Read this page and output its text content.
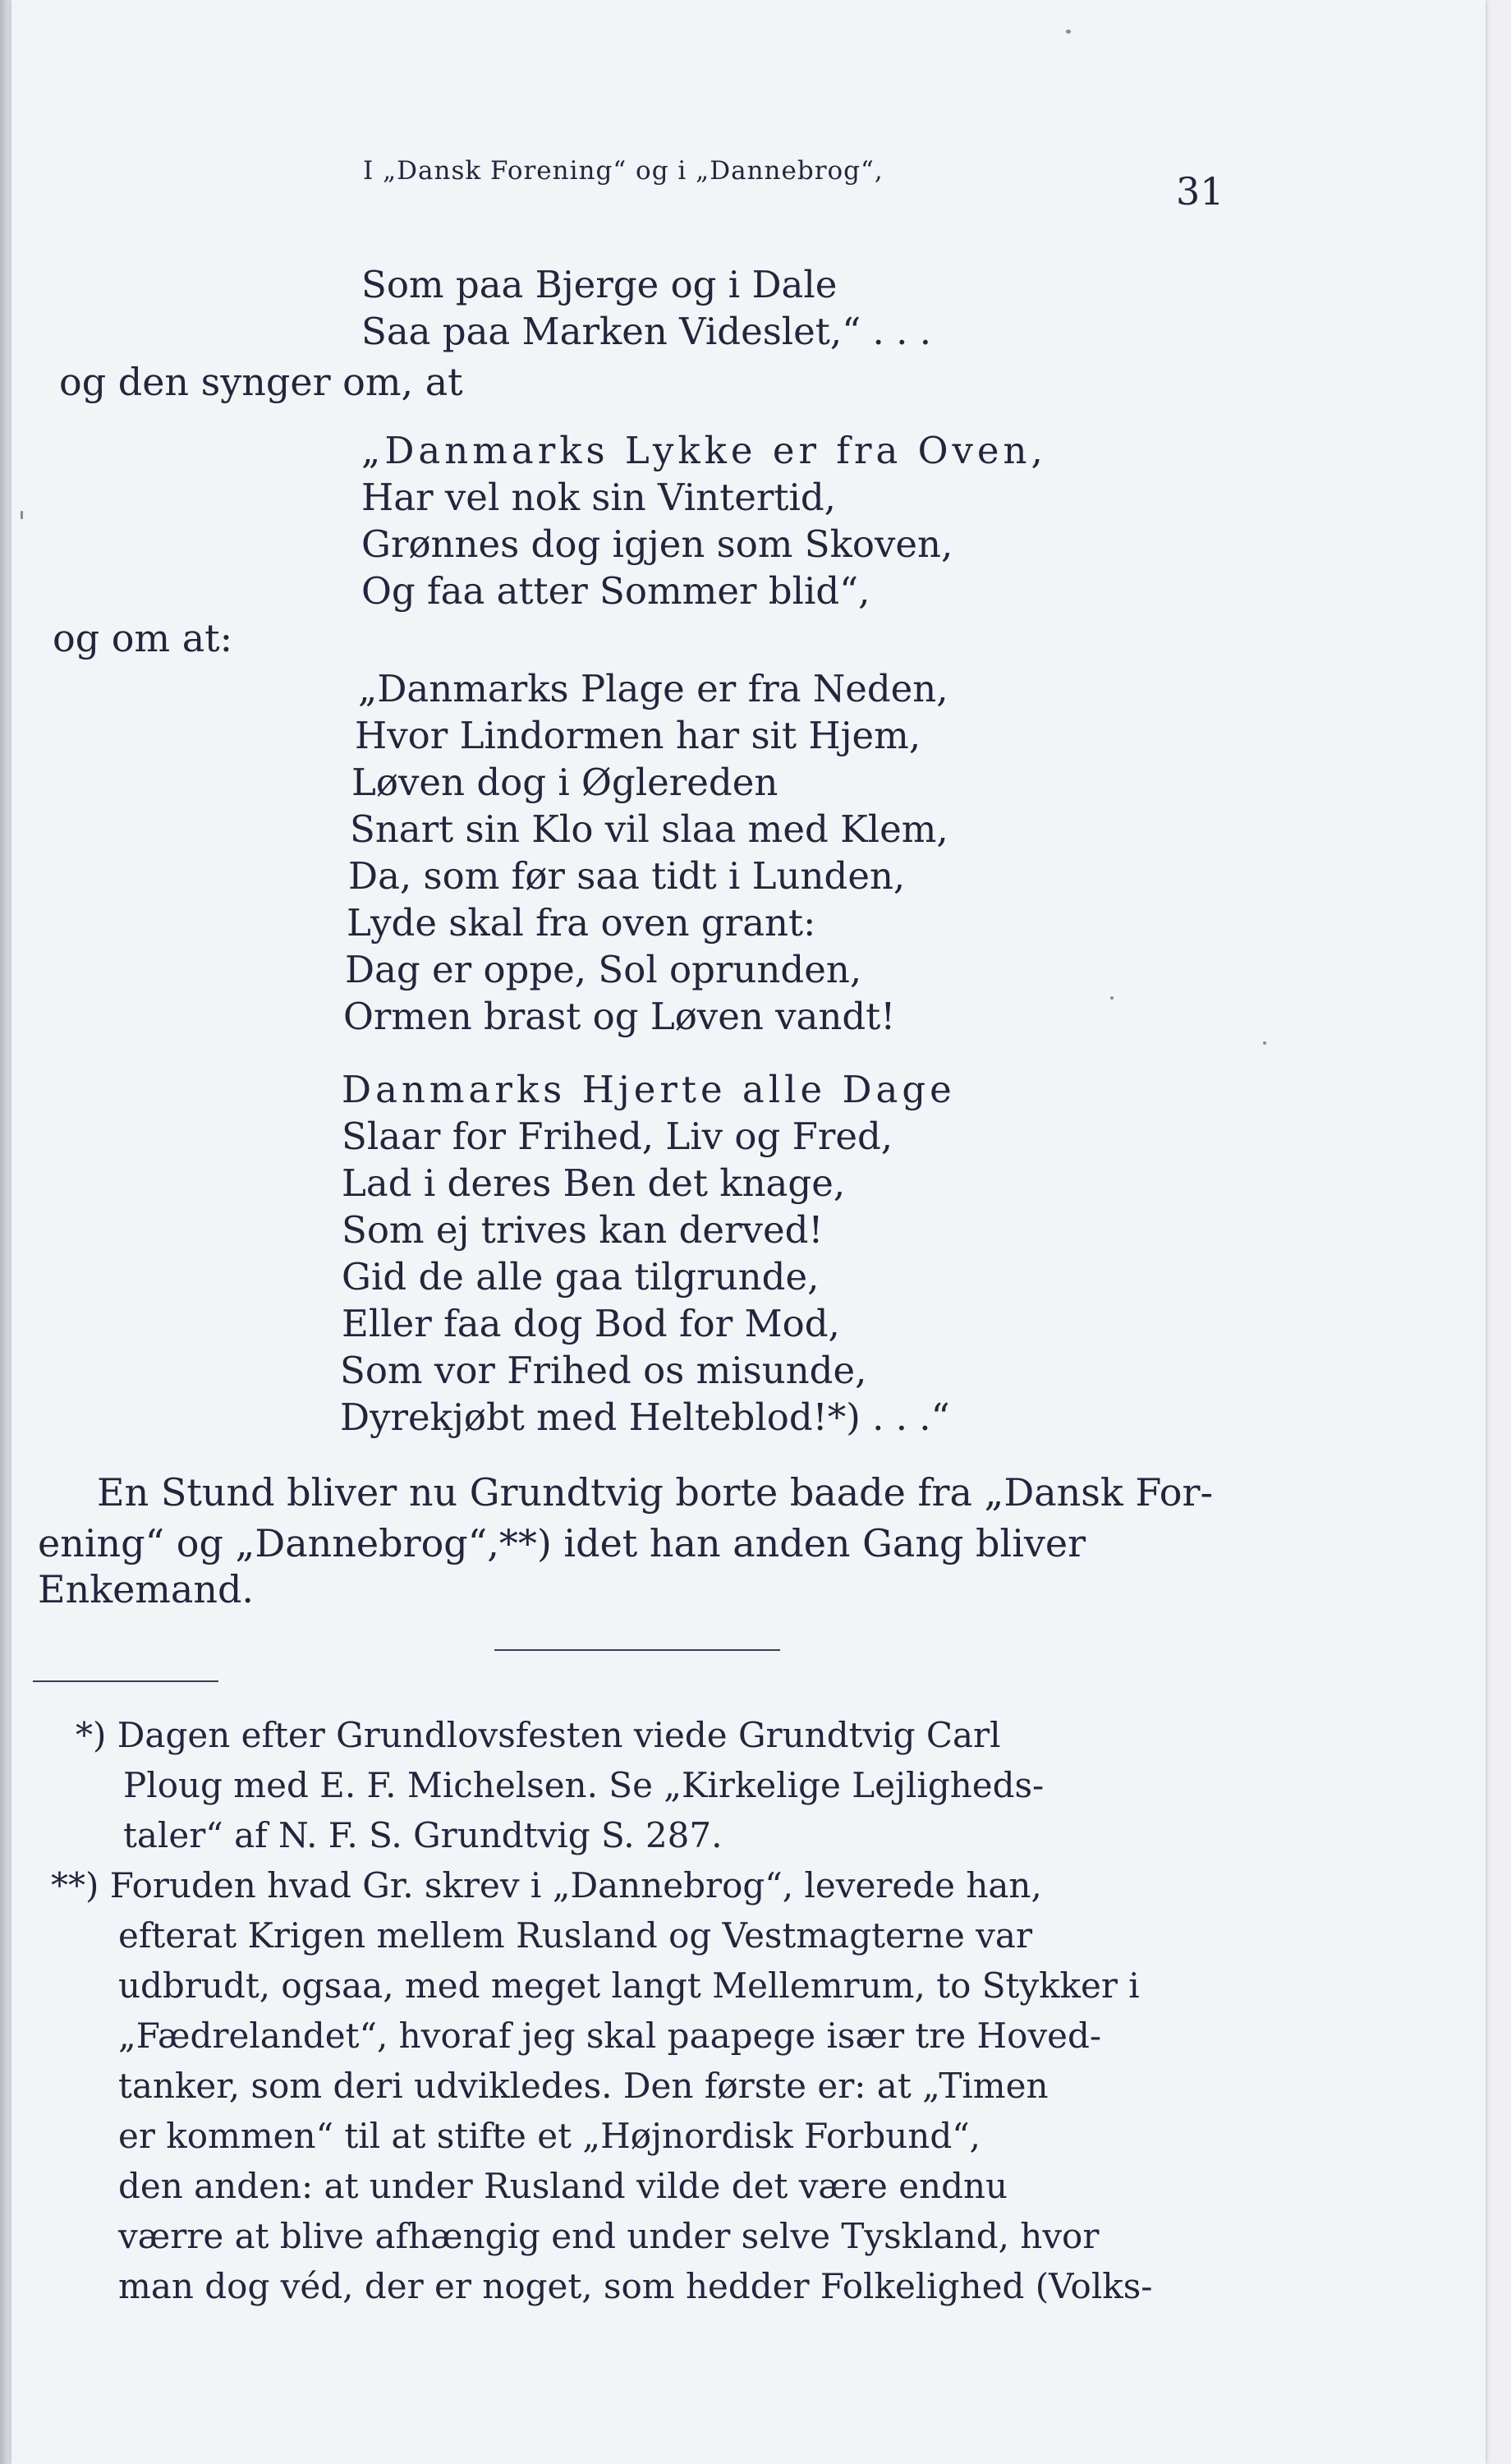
I „Dansk Forening“ og i „Dannebrog“,	31
Som paa Bjerge og i Dale
Saa paa Marken Videslet,“ . . .
og den synger om, at
„Danmarks Lykke er fra Oven,
Har vel nok sin Vintertid,
Grønnes dog igjen som Skoven,
Og faa atter Sommer blid“,
og om at:
„Danmarks Plage er fra Neden,
Hvor Lindormen har sit Hjem,
Løven dog i Øglereden
Snart sin Klo vil slaa med Klem,
Da, som før saa tidt i Lunden,
Lyde skal fra oven grant:
Dag er oppe, Sol oprunden,
Ormen brast og Løven vandt!
Danmarks Hjerte alle Dage
Slaar for Frihed, Liv og Fred,
Lad i deres Ben det knage,
Som ej trives kan derved!
Gid de alle gaa tilgrunde,
Eller faa dog Bod for Mod,
Som vor Frihed os misunde,
Dyrekjøbt med Helteblod!*) . . .“
En Stund bliver nu Grundtvig borte baade fra „Dansk For-
ening“ og „Dannebrog“,**) idet han anden Gang bliver
Enkemand.
*) Dagen efter Grundlovsfesten viede Grundtvig Carl
Ploug med E. F. Michelsen. Se „Kirkelige Lejligheds-
taler“ af N. F. S. Grundtvig S. 287.
**) Foruden hvad Gr. skrev i „Dannebrog“, leverede han,
efterat Krigen mellem Rusland og Vestmagterne var
udbrudt, ogsaa, med meget langt Mellemrum, to Stykker i
„Fædrelandet“, hvoraf jeg skal paapege især tre Hoved-
tanker, som deri udvikledes. Den første er: at „Timen
er kommen“ til at stifte et „Højnordisk Forbund“,
den anden: at under Rusland vilde det være endnu
værre at blive afhængig end under selve Tyskland, hvor
man dog véd, der er noget, som hedder Folkelighed (Volks-
